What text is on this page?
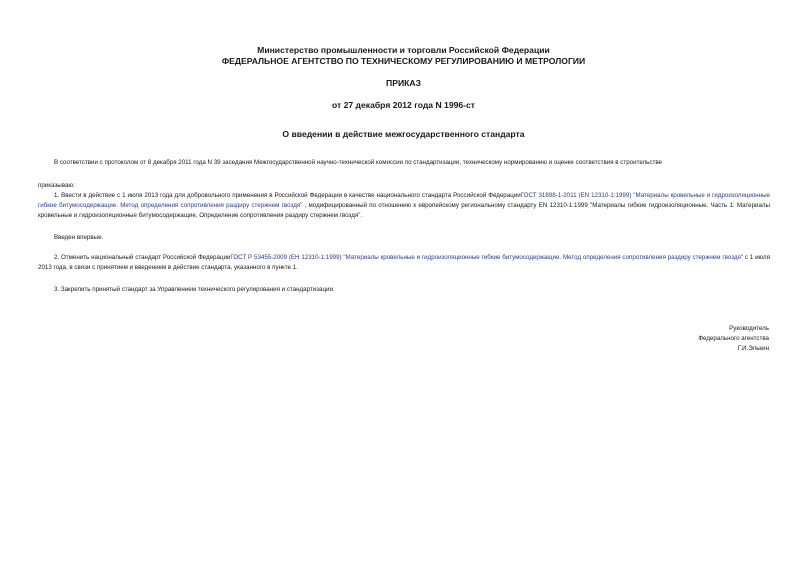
Министерство промышленности и торговли Российской Федерации
ФЕДЕРАЛЬНОЕ АГЕНТСТВО ПО ТЕХНИЧЕСКОМУ РЕГУЛИРОВАНИЮ И МЕТРОЛОГИИ
ПРИКАЗ
от 27 декабря 2012 года N 1996-ст
О введении в действие межгосударственного стандарта
В соответствии с протоколом от 8 декабря 2011 года N 39 заседания Межгосударственной научно-технической комиссии по стандартизации, техническому нормированию и оценке соответствия в строительстве
приказываю:
1. Ввести в действие с 1 июля 2013 года для добровольного применения в Российской Федерации в качестве национального стандарта Российской ФедерацииГОСТ 31898-1-2011 (EN 12310-1:1999) "Материалы кровельные и гидроизоляционные гибкие битумосодержащие. Метод определения сопротивления раздиру стержнем гвоздя" , модифицированный по отношению к европейскому региональному стандарту EN 12310-1:1999 "Материалы гибкие гидроизоляционные. Часть 1: Материалы кровельные и гидроизоляционные битумосодержащие. Определение сопротивления раздиру стержнем гвоздя".
Введен впервые.
2. Отменить национальный стандарт Российской ФедерацииГОСТ Р 53455-2009 (ЕН 12310-1:1999) "Материалы кровельные и гидроизоляционные гибкие битумосодержащие. Метод определения сопротивления раздиру стержнем гвоздя" с 1 июля 2013 года, в связи с принятием и введением в действие стандарта, указанного в пункте 1.
3. Закрепить принятый стандарт за Управлением технического регулирования и стандартизации.
Руководитель
Федерального агентства
Г.И.Элькин
